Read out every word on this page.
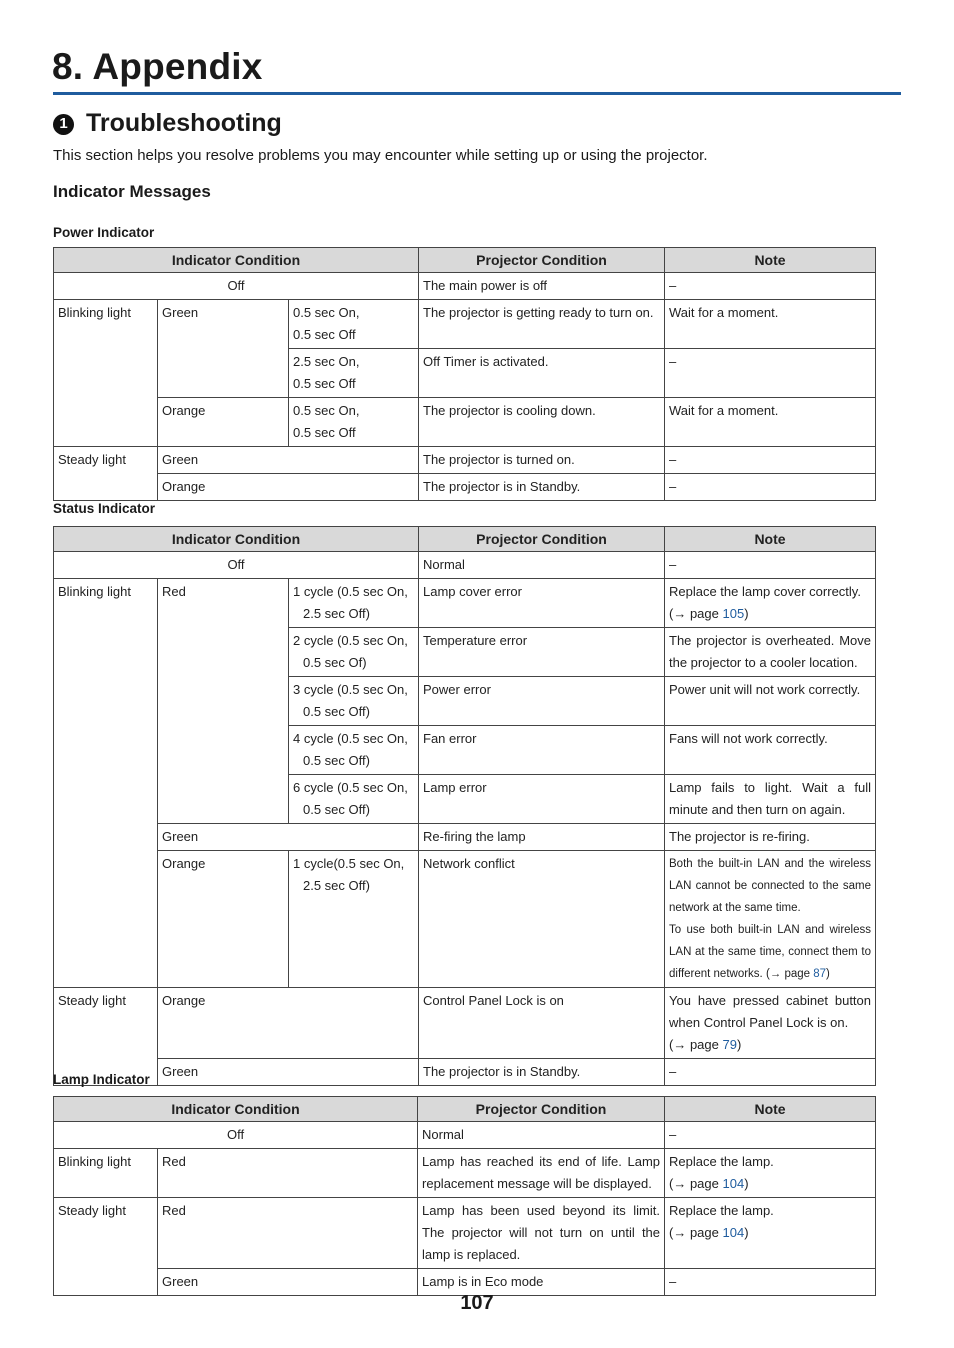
8. Appendix
1 Troubleshooting

This section helps you resolve problems you may encounter while setting up or using the projector.

Indicator Messages
Power Indicator
Indicator Condition			Projector Condition	Note
Off			The main power is off	–
Blinking light	Green	0.5 sec On,
0.5 sec Off	The projector is getting ready to turn on.	Wait for a moment.

		2.5 sec On,
0.5 sec Off	Off Timer is activated.	–
	Orange	0.5 sec On,
0.5 sec Off	The projector is cooling down.	Wait for a moment.
Steady light	Green		The projector is turned on.	–
	Orange		The projector is in Standby.	–
Status Indicator
Indicator Condition			Projector Condition	Note
Off			Normal	–
Blinking light	Red	1 cycle (0.5 sec On,
2.5 sec Off)	Lamp cover error	Replace the lamp cover correctly.
(→ page 105)

		2 cycle (0.5 sec On,
0.5 sec Of)	Temperature error	The projector is overheated. Move the projector to a cooler location.

		3 cycle (0.5 sec On,
0.5 sec Off)	Power error	Power unit will not work correctly.

		4 cycle (0.5 sec On,
0.5 sec Off)	Fan error	Fans will not work correctly.

		6 cycle (0.5 sec On,
0.5 sec Off)	Lamp error	Lamp fails to light. Wait a full minute and then turn on again.
	Green		Re-firing the lamp	The projector is re-firing.
	Orange	1 cycle(0.5 sec On,
2.5 sec Off)	Network conflict	Both the built-in LAN and the wireless LAN cannot be connected to the same network at the same time.
To use both built-in LAN and wireless LAN at the same time, connect them to different networks. (→ page 87)
Steady light	Orange		Control Panel Lock is on	You have pressed cabinet button when Control Panel Lock is on.
(→ page 79)
	Green		The projector is in Standby.	–
Lamp Indicator
Indicator Condition		Projector Condition	Note
Off		Normal	–
Blinking light	Red	Lamp has reached its end of life. Lamp replacement message will be displayed.	Replace the lamp.
(→ page 104)
Steady light	Red	Lamp has been used beyond its limit. The projector will not turn on until the lamp is replaced.	Replace the lamp.
(→ page 104)
	Green	Lamp is in Eco mode	–
107
